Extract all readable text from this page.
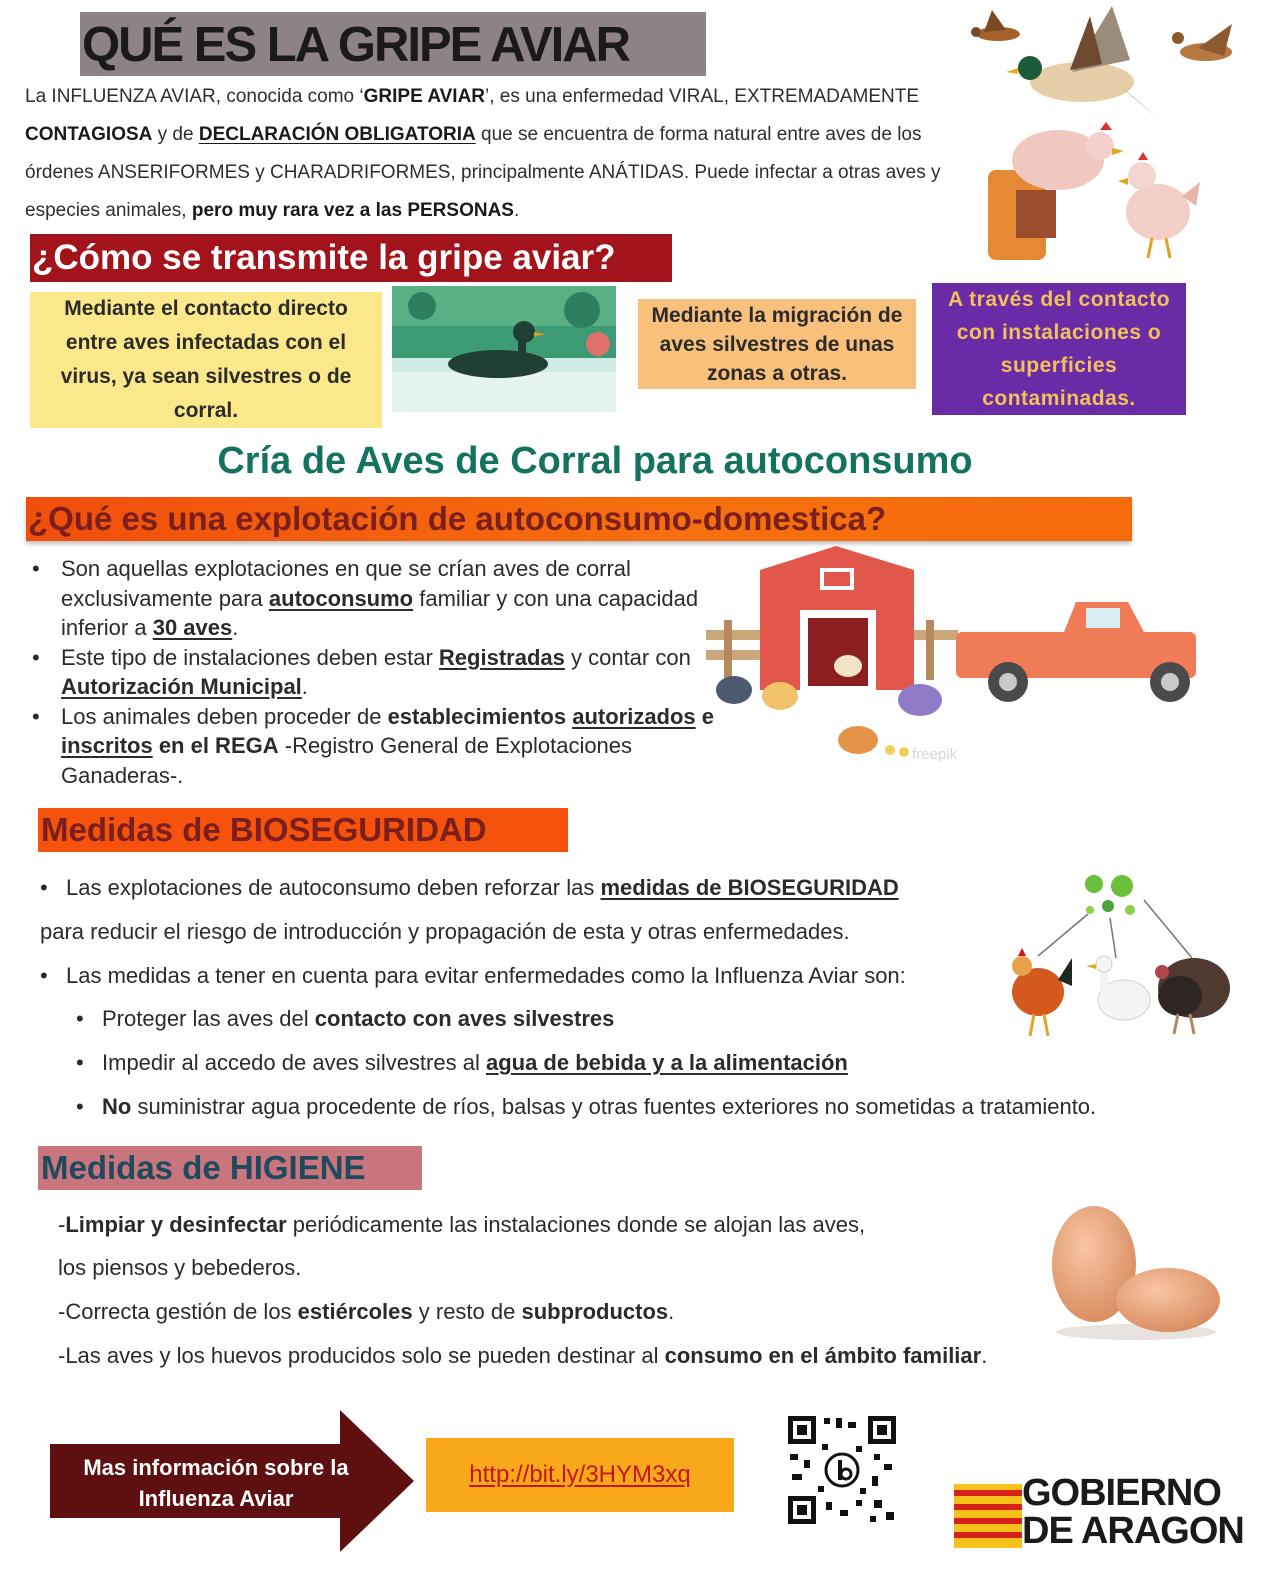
QUÉ ES LA GRIPE AVIAR

La INFLUENZA AVIAR, conocida como ‘GRIPE AVIAR’, es una enfermedad VIRAL, EXTREMADAMENTE CONTAGIOSA y de DECLARACIÓN OBLIGATORIA que se encuentra de forma natural entre aves de los órdenes ANSERIFORMES y CHARADRIFORMES, principalmente ANÁTIDAS. Puede infectar a otras aves y especies animales, pero muy rara vez a las PERSONAS.

¿Cómo se transmite la gripe aviar?
Mediante el contacto directo entre aves infectadas con el virus, ya sean silvestres o de corral.
Mediante la migración de aves silvestres de unas zonas a otras.
A través del contacto con instalaciones o superficies contaminadas.
Cría de Aves de Corral para autoconsumo
¿Qué es una explotación de autoconsumo-domestica?
• Son aquellas explotaciones en que se crían aves de corral exclusivamente para autoconsumo familiar y con una capacidad inferior a 30 aves.
• Este tipo de instalaciones deben estar Registradas y contar con Autorización Municipal.
• Los animales deben proceder de establecimientos autorizados e inscritos en el REGA -Registro General de Explotaciones Ganaderas-.
freepik
Medidas de BIOSEGURIDAD
• Las explotaciones de autoconsumo deben reforzar las medidas de BIOSEGURIDAD
para reducir el riesgo de introducción y propagación de esta y otras enfermedades.
• Las medidas a tener en cuenta para evitar enfermedades como la Influenza Aviar son:
• Proteger las aves del contacto con aves silvestres
• Impedir al accedo de aves silvestres al agua de bebida y a la alimentación
• No suministrar agua procedente de ríos, balsas y otras fuentes exteriores no sometidas a tratamiento.
Medidas de HIGIENE
-Limpiar y desinfectar periódicamente las instalaciones donde se alojan las aves,
los piensos y bebederos.
-Correcta gestión de los estiércoles y resto de subproductos.
-Las aves y los huevos producidos solo se pueden destinar al consumo en el ámbito familiar.
Mas información sobre la Influenza Aviar
http://bit.ly/3HYM3xq	GOBIERNO
DE ARAGON
